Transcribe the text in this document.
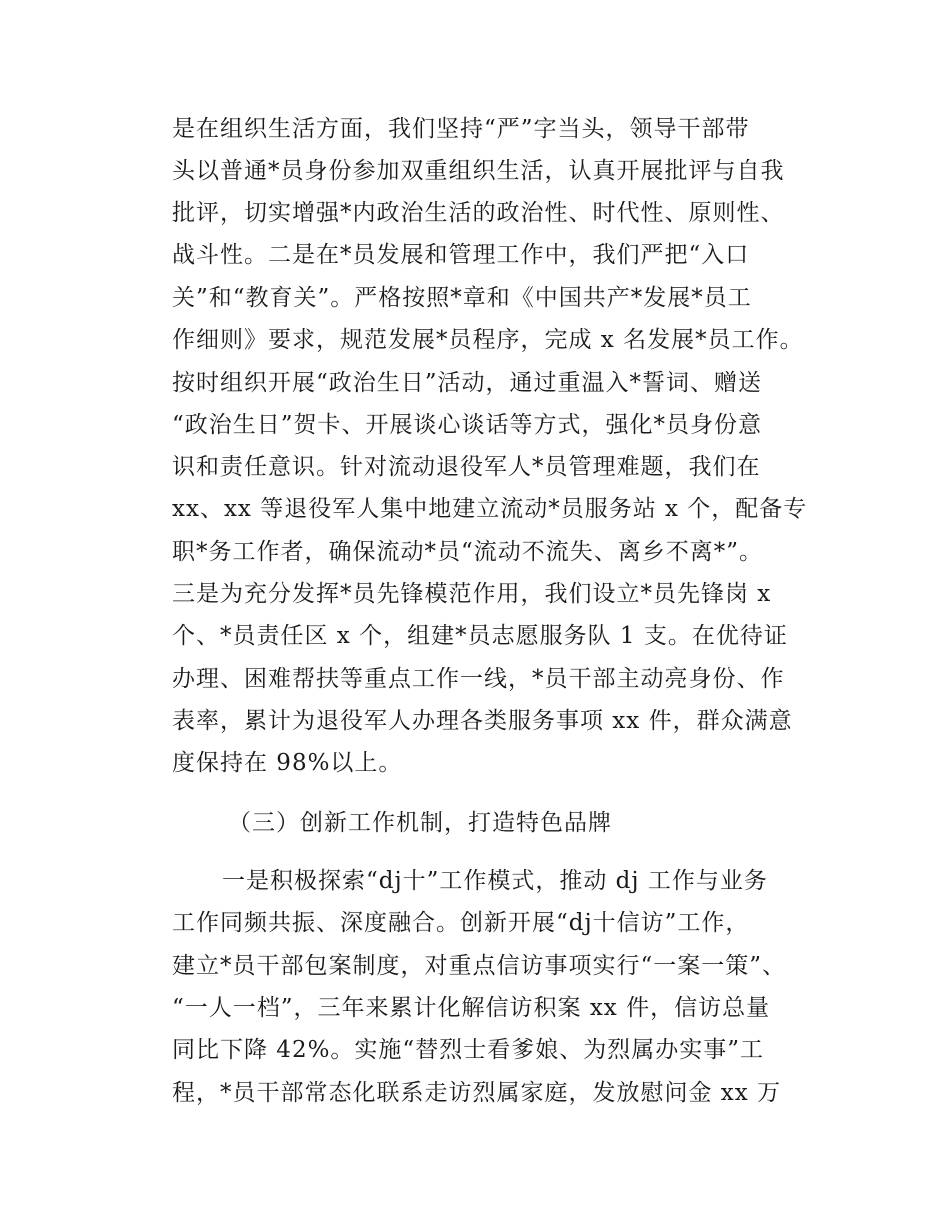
是在组织生活方面，我们坚持“严”字当头，领导干部带
头以普通*员身份参加双重组织生活，认真开展批评与自我
批评，切实增强*内政治生活的政治性、时代性、原则性、
战斗性。二是在*员发展和管理工作中，我们严把“入口
关”和“教育关”。严格按照*章和《中国共产*发展*员工
作细则》要求，规范发展*员程序，完成 x 名发展*员工作。
按时组织开展“政治生日”活动，通过重温入*誓词、赠送
“政治生日”贺卡、开展谈心谈话等方式，强化*员身份意
识和责任意识。针对流动退役军人*员管理难题，我们在
xx、xx 等退役军人集中地建立流动*员服务站 x 个，配备专
职*务工作者，确保流动*员“流动不流失、离乡不离*”。
三是为充分发挥*员先锋模范作用，我们设立*员先锋岗 x
个、*员责任区 x 个，组建*员志愿服务队 1 支。在优待证
办理、困难帮扶等重点工作一线，*员干部主动亮身份、作
表率，累计为退役军人办理各类服务事项 xx 件，群众满意
度保持在 98%以上。
（三）创新工作机制，打造特色品牌
一是积极探索“dj十”工作模式，推动 dj 工作与业务
工作同频共振、深度融合。创新开展“dj十信访”工作，
建立*员干部包案制度，对重点信访事项实行“一案一策”、
“一人一档”，三年来累计化解信访积案 xx 件，信访总量
同比下降 42%。实施“替烈士看爹娘、为烈属办实事”工
程，*员干部常态化联系走访烈属家庭，发放慰问金 xx 万
